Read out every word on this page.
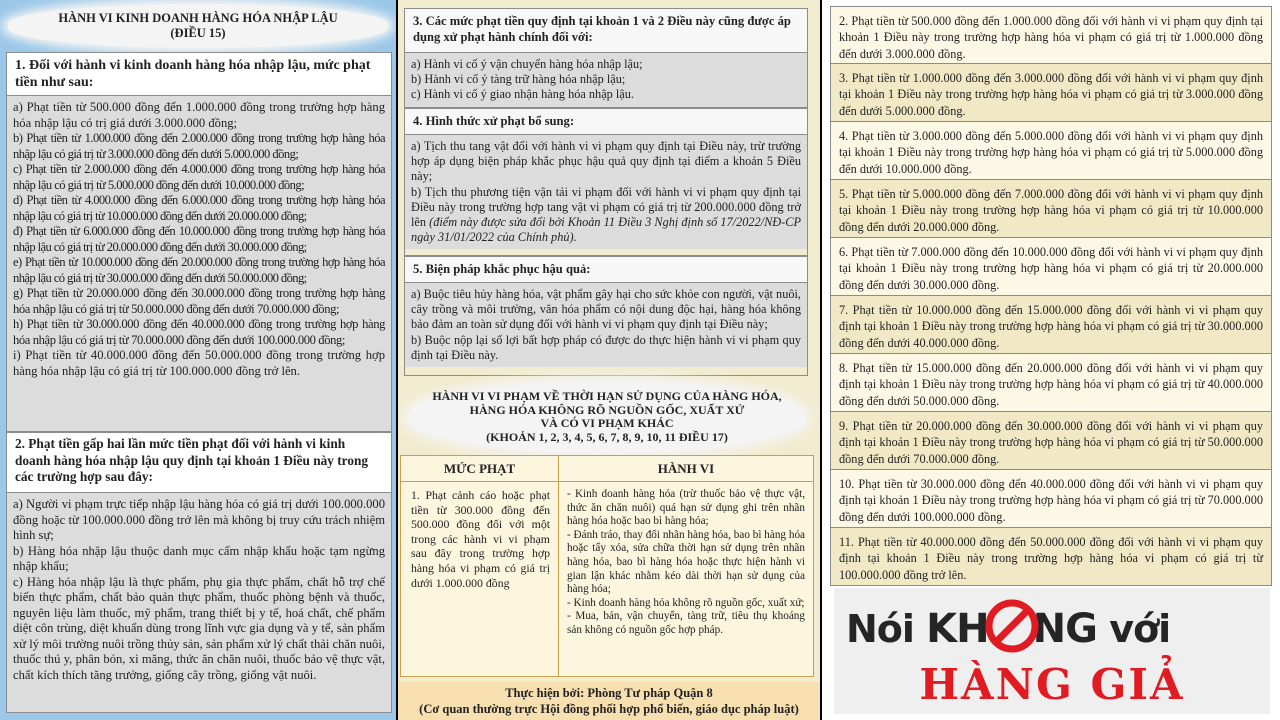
HÀNH VI KINH DOANH HÀNG HÓA NHẬP LẬU
(ĐIỀU 15)
1. Đối với hành vi kinh doanh hàng hóa nhập lậu, mức phạt tiền như sau:

a) Phạt tiền từ 500.000 đồng đến 1.000.000 đồng trong trường hợp hàng hóa nhập lậu có trị giá dưới 3.000.000 đồng;

b) Phạt tiền từ 1.000.000 đồng đến 2.000.000 đồng trong trường hợp hàng hóa nhập lậu có giá trị từ 3.000.000 đồng đến dưới 5.000.000 đồng;

c) Phạt tiền từ 2.000.000 đồng đến 4.000.000 đồng trong trường hợp hàng hóa nhập lậu có giá trị từ 5.000.000 đồng đến dưới 10.000.000 đồng;

d) Phạt tiền từ 4.000.000 đồng đến 6.000.000 đồng trong trường hợp hàng hóa nhập lậu có giá trị từ 10.000.000 đồng đến dưới 20.000.000 đồng;

đ) Phạt tiền từ 6.000.000 đồng đến 10.000.000 đồng trong trường hợp hàng hóa nhập lậu có giá trị từ 20.000.000 đồng đến dưới 30.000.000 đồng;

e) Phạt tiền từ 10.000.000 đồng đến 20.000.000 đồng trong trường hợp hàng hóa nhập lậu có giá trị từ 30.000.000 đồng đến dưới 50.000.000 đồng;

g) Phạt tiền từ 20.000.000 đồng đến 30.000.000 đồng trong trường hợp hàng hóa nhập lậu có giá trị từ 50.000.000 đồng đến dưới 70.000.000 đồng;

h) Phạt tiền từ 30.000.000 đồng đến 40.000.000 đồng trong trường hợp hàng hóa nhập lậu có giá trị từ 70.000.000 đồng đến dưới 100.000.000 đồng;

i) Phạt tiền từ 40.000.000 đồng đến 50.000.000 đồng trong trường hợp hàng hóa nhập lậu có giá trị từ 100.000.000 đồng trở lên.

2. Phạt tiền gấp hai lần mức tiền phạt đối với hành vi kinh doanh hàng hóa nhập lậu quy định tại khoản 1 Điều này trong các trường hợp sau đây:

a) Người vi phạm trực tiếp nhập lậu hàng hóa có giá trị dưới 100.000.000 đồng hoặc từ 100.000.000 đồng trở lên mà không bị truy cứu trách nhiệm hình sự;

b) Hàng hóa nhập lậu thuộc danh mục cấm nhập khẩu hoặc tạm ngừng nhập khẩu;

c) Hàng hóa nhập lậu là thực phẩm, phụ gia thực phẩm, chất hỗ trợ chế biến thực phẩm, chất bảo quản thực phẩm, thuốc phòng bệnh và thuốc, nguyên liệu làm thuốc, mỹ phẩm, trang thiết bị y tế, hoá chất, chế phẩm diệt côn trùng, diệt khuẩn dùng trong lĩnh vực gia dụng và y tế, sản phẩm xử lý môi trường nuôi trồng thủy sản, sản phẩm xử lý chất thải chăn nuôi, thuốc thú y, phân bón, xi măng, thức ăn chăn nuôi, thuốc bảo vệ thực vật, chất kích thích tăng trưởng, giống cây trồng, giống vật nuôi.

3. Các mức phạt tiền quy định tại khoản 1 và 2 Điều này cũng được áp dụng xử phạt hành chính đối với:

a) Hành vi cố ý vận chuyển hàng hóa nhập lậu;

b) Hành vi cố ý tàng trữ hàng hóa nhập lậu;

c) Hành vi cố ý giao nhận hàng hóa nhập lậu.

4. Hình thức xử phạt bổ sung:

a) Tịch thu tang vật đối với hành vi vi phạm quy định tại Điều này, trừ trường hợp áp dụng biện pháp khắc phục hậu quả quy định tại điểm a khoản 5 Điều này;

b) Tịch thu phương tiện vận tải vi phạm đối với hành vi vi phạm quy định tại Điều này trong trường hợp tang vật vi phạm có giá trị từ 200.000.000 đồng trở lên (điểm này được sửa đổi bởi Khoản 11 Điều 3 Nghị định số 17/2022/NĐ-CP ngày 31/01/2022 của Chính phủ).

5. Biện pháp khắc phục hậu quả:

a) Buộc tiêu hủy hàng hóa, vật phẩm gây hại cho sức khỏe con người, vật nuôi, cây trồng và môi trường, văn hóa phẩm có nội dung độc hại, hàng hóa không bảo đảm an toàn sử dụng đối với hành vi vi phạm quy định tại Điều này;

b) Buộc nộp lại số lợi bất hợp pháp có được do thực hiện hành vi vi phạm quy định tại Điều này.

HÀNH VI VI PHẠM VỀ THỜI HẠN SỬ DỤNG CỦA HÀNG HÓA,
HÀNG HÓA KHÔNG RÕ NGUỒN GỐC, XUẤT XỨ
VÀ CÓ VI PHẠM KHÁC
(KHOẢN 1, 2, 3, 4, 5, 6, 7, 8, 9, 10, 11 ĐIỀU 17)
MỨC PHẠT	HÀNH VI
1. Phạt cảnh cáo hoặc phạt tiền từ 300.000 đồng đến 500.000 đồng đối với một trong các hành vi vi phạm sau đây trong trường hợp hàng hóa vi phạm có giá trị dưới 1.000.000 đồng

- Kinh doanh hàng hóa (trừ thuốc bảo vệ thực vật, thức ăn chăn nuôi) quá hạn sử dụng ghi trên nhãn hàng hóa hoặc bao bì hàng hóa;

- Đánh tráo, thay đổi nhãn hàng hóa, bao bì hàng hóa hoặc tẩy xóa, sửa chữa thời hạn sử dụng trên nhãn hàng hóa, bao bì hàng hóa hoặc thực hiện hành vi gian lận khác nhằm kéo dài thời hạn sử dụng của hàng hóa;

- Kinh doanh hàng hóa không rõ nguồn gốc, xuất xứ;

- Mua, bán, vận chuyển, tàng trữ, tiêu thụ khoáng sản không có nguồn gốc hợp pháp.

Thực hiện bởi: Phòng Tư pháp Quận 8
(Cơ quan thường trực Hội đồng phối hợp phổ biến, giáo dục pháp luật)
2. Phạt tiền từ 500.000 đồng đến 1.000.000 đồng đối với hành vi vi phạm quy định tại khoản 1 Điều này trong trường hợp hàng hóa vi phạm có giá trị từ 1.000.000 đồng đến dưới 3.000.000 đồng.
3. Phạt tiền từ 1.000.000 đồng đến 3.000.000 đồng đối với hành vi vi phạm quy định tại khoản 1 Điều này trong trường hợp hàng hóa vi phạm có giá trị từ 3.000.000 đồng đến dưới 5.000.000 đồng.
4. Phạt tiền từ 3.000.000 đồng đến 5.000.000 đồng đối với hành vi vi phạm quy định tại khoản 1 Điều này trong trường hợp hàng hóa vi phạm có giá trị từ 5.000.000 đồng đến dưới 10.000.000 đồng.
5. Phạt tiền từ 5.000.000 đồng đến 7.000.000 đồng đối với hành vi vi phạm quy định tại khoản 1 Điều này trong trường hợp hàng hóa vi phạm có giá trị từ 10.000.000 đồng đến dưới 20.000.000 đồng.
6. Phạt tiền từ 7.000.000 đồng đến 10.000.000 đồng đối với hành vi vi phạm quy định tại khoản 1 Điều này trong trường hợp hàng hóa vi phạm có giá trị từ 20.000.000 đồng đến dưới 30.000.000 đồng.
7. Phạt tiền từ 10.000.000 đồng đến 15.000.000 đồng đối với hành vi vi phạm quy định tại khoản 1 Điều này trong trường hợp hàng hóa vi phạm có giá trị từ 30.000.000 đồng đến dưới 40.000.000 đồng.
8. Phạt tiền từ 15.000.000 đồng đến 20.000.000 đồng đối với hành vi vi phạm quy định tại khoản 1 Điều này trong trường hợp hàng hóa vi phạm có giá trị từ 40.000.000 đồng đến dưới 50.000.000 đồng.
9. Phạt tiền từ 20.000.000 đồng đến 30.000.000 đồng đối với hành vi vi phạm quy định tại khoản 1 Điều này trong trường hợp hàng hóa vi phạm có giá trị từ 50.000.000 đồng đến dưới 70.000.000 đồng.
10. Phạt tiền từ 30.000.000 đồng đến 40.000.000 đồng đối với hành vi vi phạm quy định tại khoản 1 Điều này trong trường hợp hàng hóa vi phạm có giá trị từ 70.000.000 đồng đến dưới 100.000.000 đồng.
11. Phạt tiền từ 40.000.000 đồng đến 50.000.000 đồng đối với hành vi vi phạm quy định tại khoản 1 Điều này trong trường hợp hàng hóa vi phạm có giá trị từ 100.000.000 đồng trở lên.
Nói KH NG với
HÀNG GIẢ
